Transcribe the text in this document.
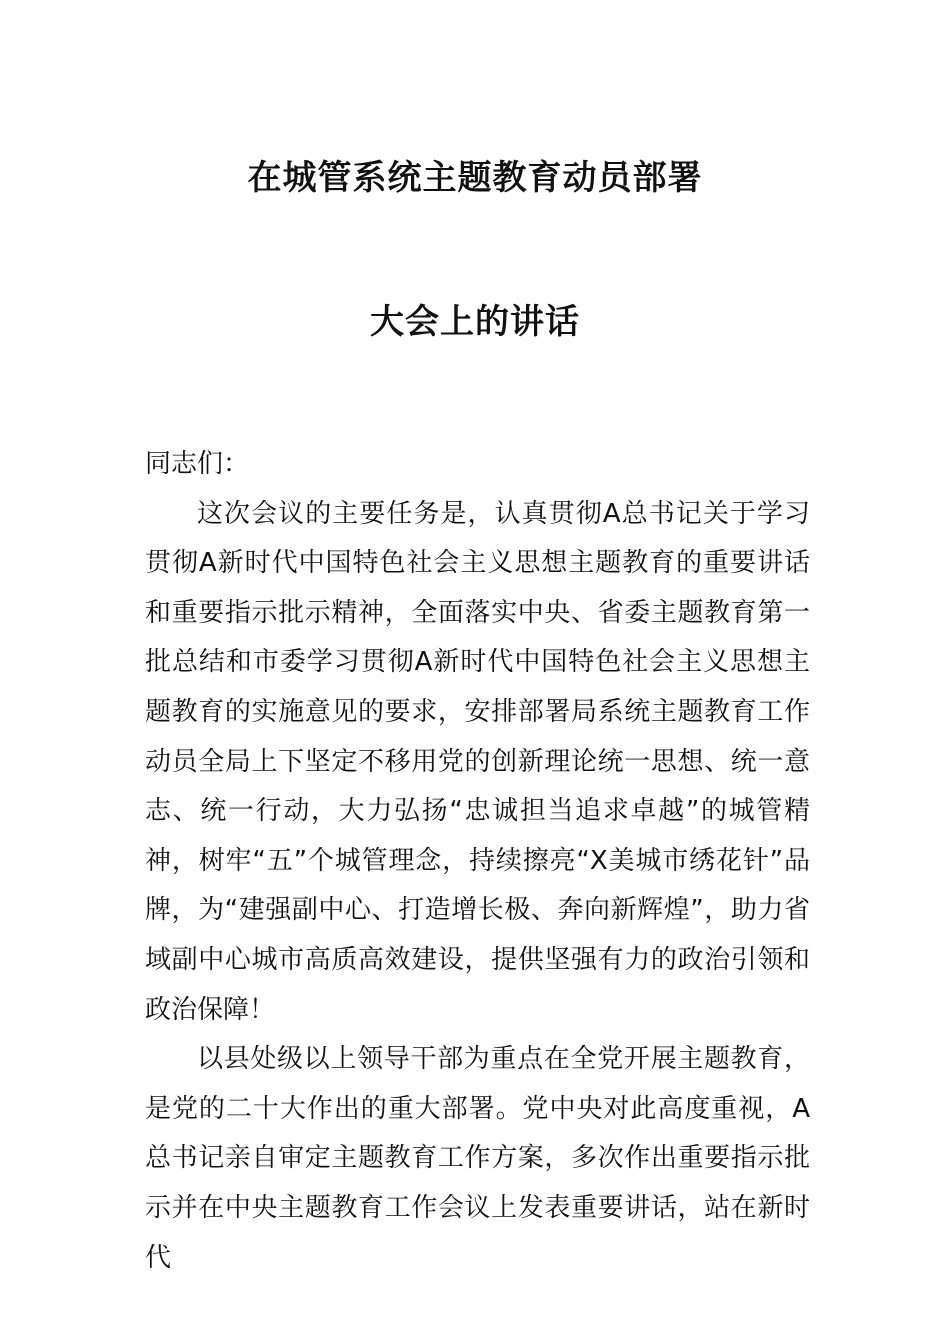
在城管系统主题教育动员部署
大会上的讲话

同志们：

这次会议的主要任务是，认真贯彻A总书记关于学习贯彻A新时代中国特色社会主义思想主题教育的重要讲话和重要指示批示精神，全面落实中央、省委主题教育第一批总结和市委学习贯彻A新时代中国特色社会主义思想主题教育的实施意见的要求，安排部署局系统主题教育工作动员全局上下坚定不移用党的创新理论统一思想、统一意志、统一行动，大力弘扬“忠诚担当追求卓越”的城管精神，树牢“五”个城管理念，持续擦亮“X美城市绣花针”品牌，为“建强副中心、打造增长极、奔向新辉煌”，助力省域副中心城市高质高效建设，提供坚强有力的政治引领和政治保障！

以县处级以上领导干部为重点在全党开展主题教育，是党的二十大作出的重大部署。党中央对此高度重视，A总书记亲自审定主题教育工作方案，多次作出重要指示批示并在中央主题教育工作会议上发表重要讲话，站在新时代
